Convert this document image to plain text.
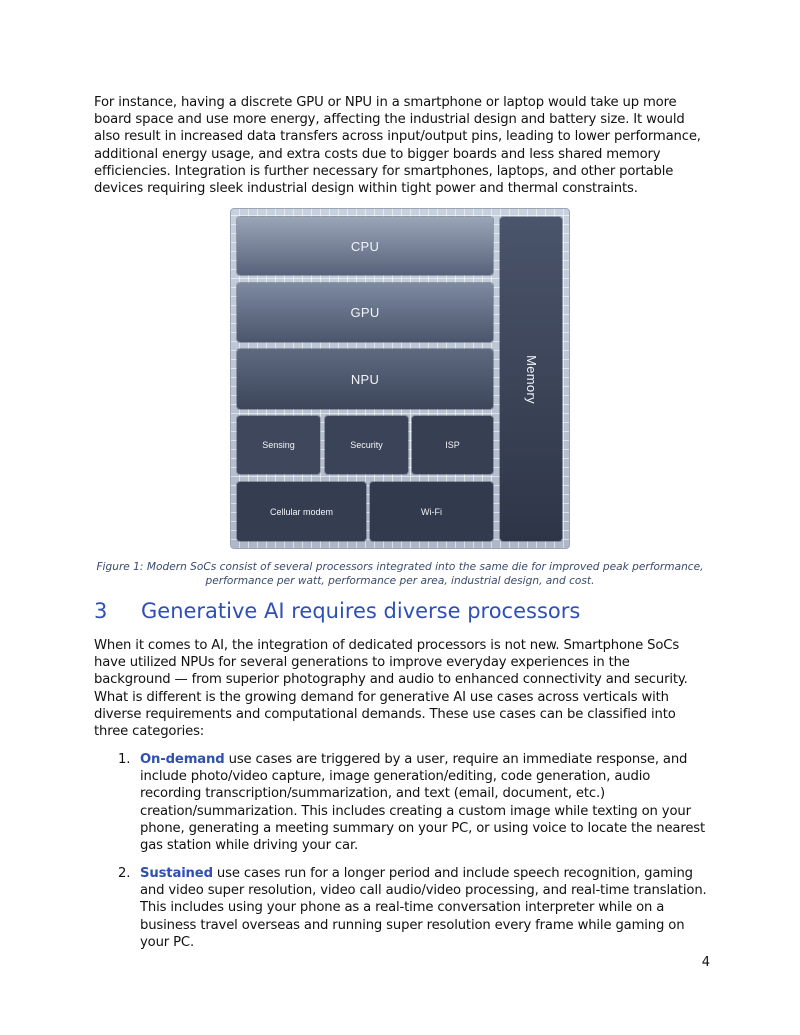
For instance, having a discrete GPU or NPU in a smartphone or laptop would take up more board space and use more energy, affecting the industrial design and battery size. It would also result in increased data transfers across input/output pins, leading to lower performance, additional energy usage, and extra costs due to bigger boards and less shared memory efficiencies. Integration is further necessary for smartphones, laptops, and other portable devices requiring sleek industrial design within tight power and thermal constraints.

CPU
GPU
NPU
Sensing	Security	ISP
Cellular modem	Wi-Fi
Memory

Figure 1: Modern SoCs consist of several processors integrated into the same die for improved peak performance, performance per watt, performance per area, industrial design, and cost.

3 Generative AI requires diverse processors

When it comes to AI, the integration of dedicated processors is not new. Smartphone SoCs have utilized NPUs for several generations to improve everyday experiences in the background — from superior photography and audio to enhanced connectivity and security. What is different is the growing demand for generative AI use cases across verticals with diverse requirements and computational demands. These use cases can be classified into three categories:

1. On-demand use cases are triggered by a user, require an immediate response, and include photo/video capture, image generation/editing, code generation, audio recording transcription/summarization, and text (email, document, etc.) creation/summarization. This includes creating a custom image while texting on your phone, generating a meeting summary on your PC, or using voice to locate the nearest gas station while driving your car.

2. Sustained use cases run for a longer period and include speech recognition, gaming and video super resolution, video call audio/video processing, and real-time translation. This includes using your phone as a real-time conversation interpreter while on a business travel overseas and running super resolution every frame while gaming on your PC.

4
